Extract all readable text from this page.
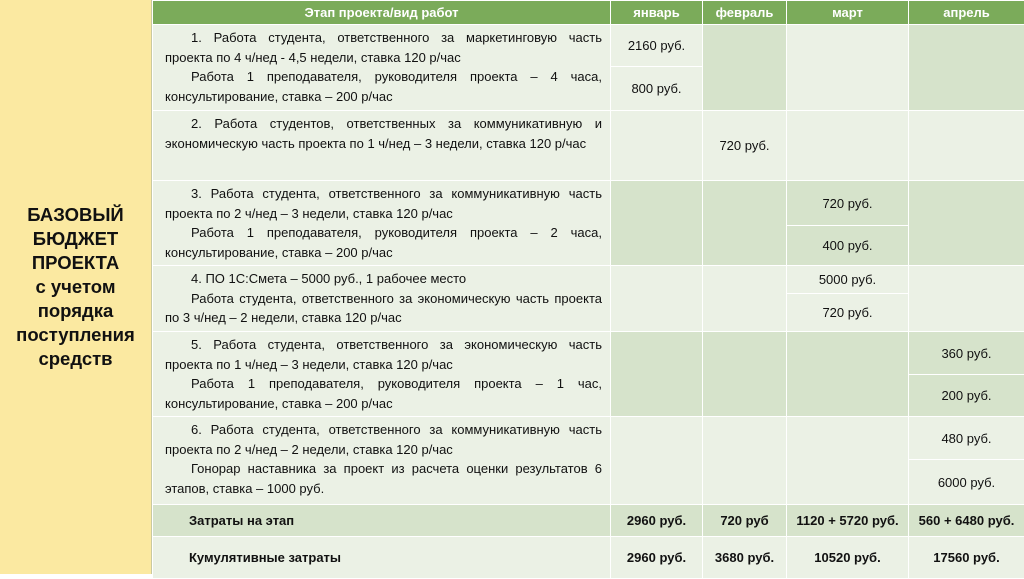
БАЗОВЫЙ
БЮДЖЕТ
ПРОЕКТА
с учетом
порядка
поступления
средств
Этап проекта/вид работ	январь	февраль	март	апрель

1. Работа студента, ответственного за маркетинговую часть проекта по 4 ч/нед - 4,5 недели, ставка 120 р/час
Работа 1 преподавателя, руководителя проекта – 4 часа, консультирование, ставка – 200 р/час	2160 руб.			
	800 руб.			

2. Работа студентов, ответственных за коммуникативную и экономическую часть проекта по 1 ч/нед – 3 недели, ставка 120 р/час		720 руб.		

3. Работа студента, ответственного за коммуникативную часть проекта по 2 ч/нед – 3 недели, ставка 120 р/час
Работа 1 преподавателя, руководителя проекта – 2 часа, консультирование, ставка – 200 р/час			720 руб.	
			400 руб.	

4. ПО 1С:Смета – 5000 руб., 1 рабочее место
Работа студента, ответственного за экономическую часть проекта по 3 ч/нед – 2 недели, ставка 120 р/час			5000 руб.	
			720 руб.	

5. Работа студента, ответственного за экономическую часть проекта по 1 ч/нед – 3 недели, ставка 120 р/час
Работа 1 преподавателя, руководителя проекта – 1 час, консультирование, ставка – 200 р/час				360 руб.
				200 руб.

6. Работа студента, ответственного за коммуникативную часть проекта по 2 ч/нед – 2 недели, ставка 120 р/час
Гонорар наставника за проект из расчета оценки результатов 6 этапов, ставка – 1000 руб.				480 руб.
				6000 руб.
Затраты на этап	2960 руб.	720 руб	1120 + 5720 руб.	560 + 6480 руб.
Кумулятивные затраты	2960 руб.	3680 руб.	10520 руб.	17560 руб.
